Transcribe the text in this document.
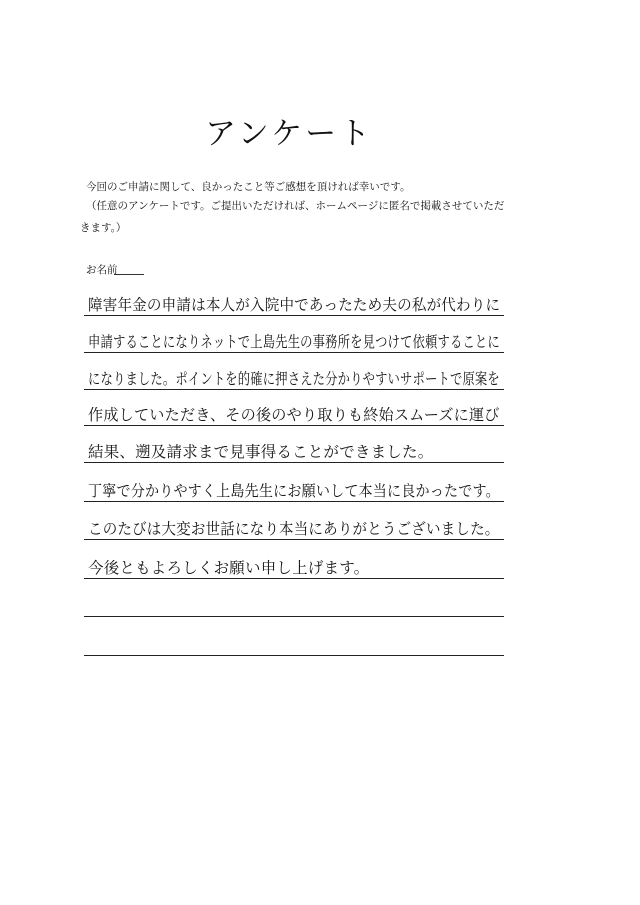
アンケート
今回のご申請に関して、良かったこと等ご感想を頂ければ幸いです。
（任意のアンケートです。ご提出いただければ、ホームページに匿名で掲載させていただ
きます。）
お名前
障害年金の申請は本人が入院中であったため夫の私が代わりに
申請することになりネットで上島先生の事務所を見つけて依頼することに
になりました。ポイントを的確に押さえた分かりやすいサポートで原案を
作成していただき、その後のやり取りも終始スムーズに運び
結果、遡及請求まで見事得ることができました。
丁寧で分かりやすく上島先生にお願いして本当に良かったです。
このたびは大変お世話になり本当にありがとうございました。
今後ともよろしくお願い申し上げます。
